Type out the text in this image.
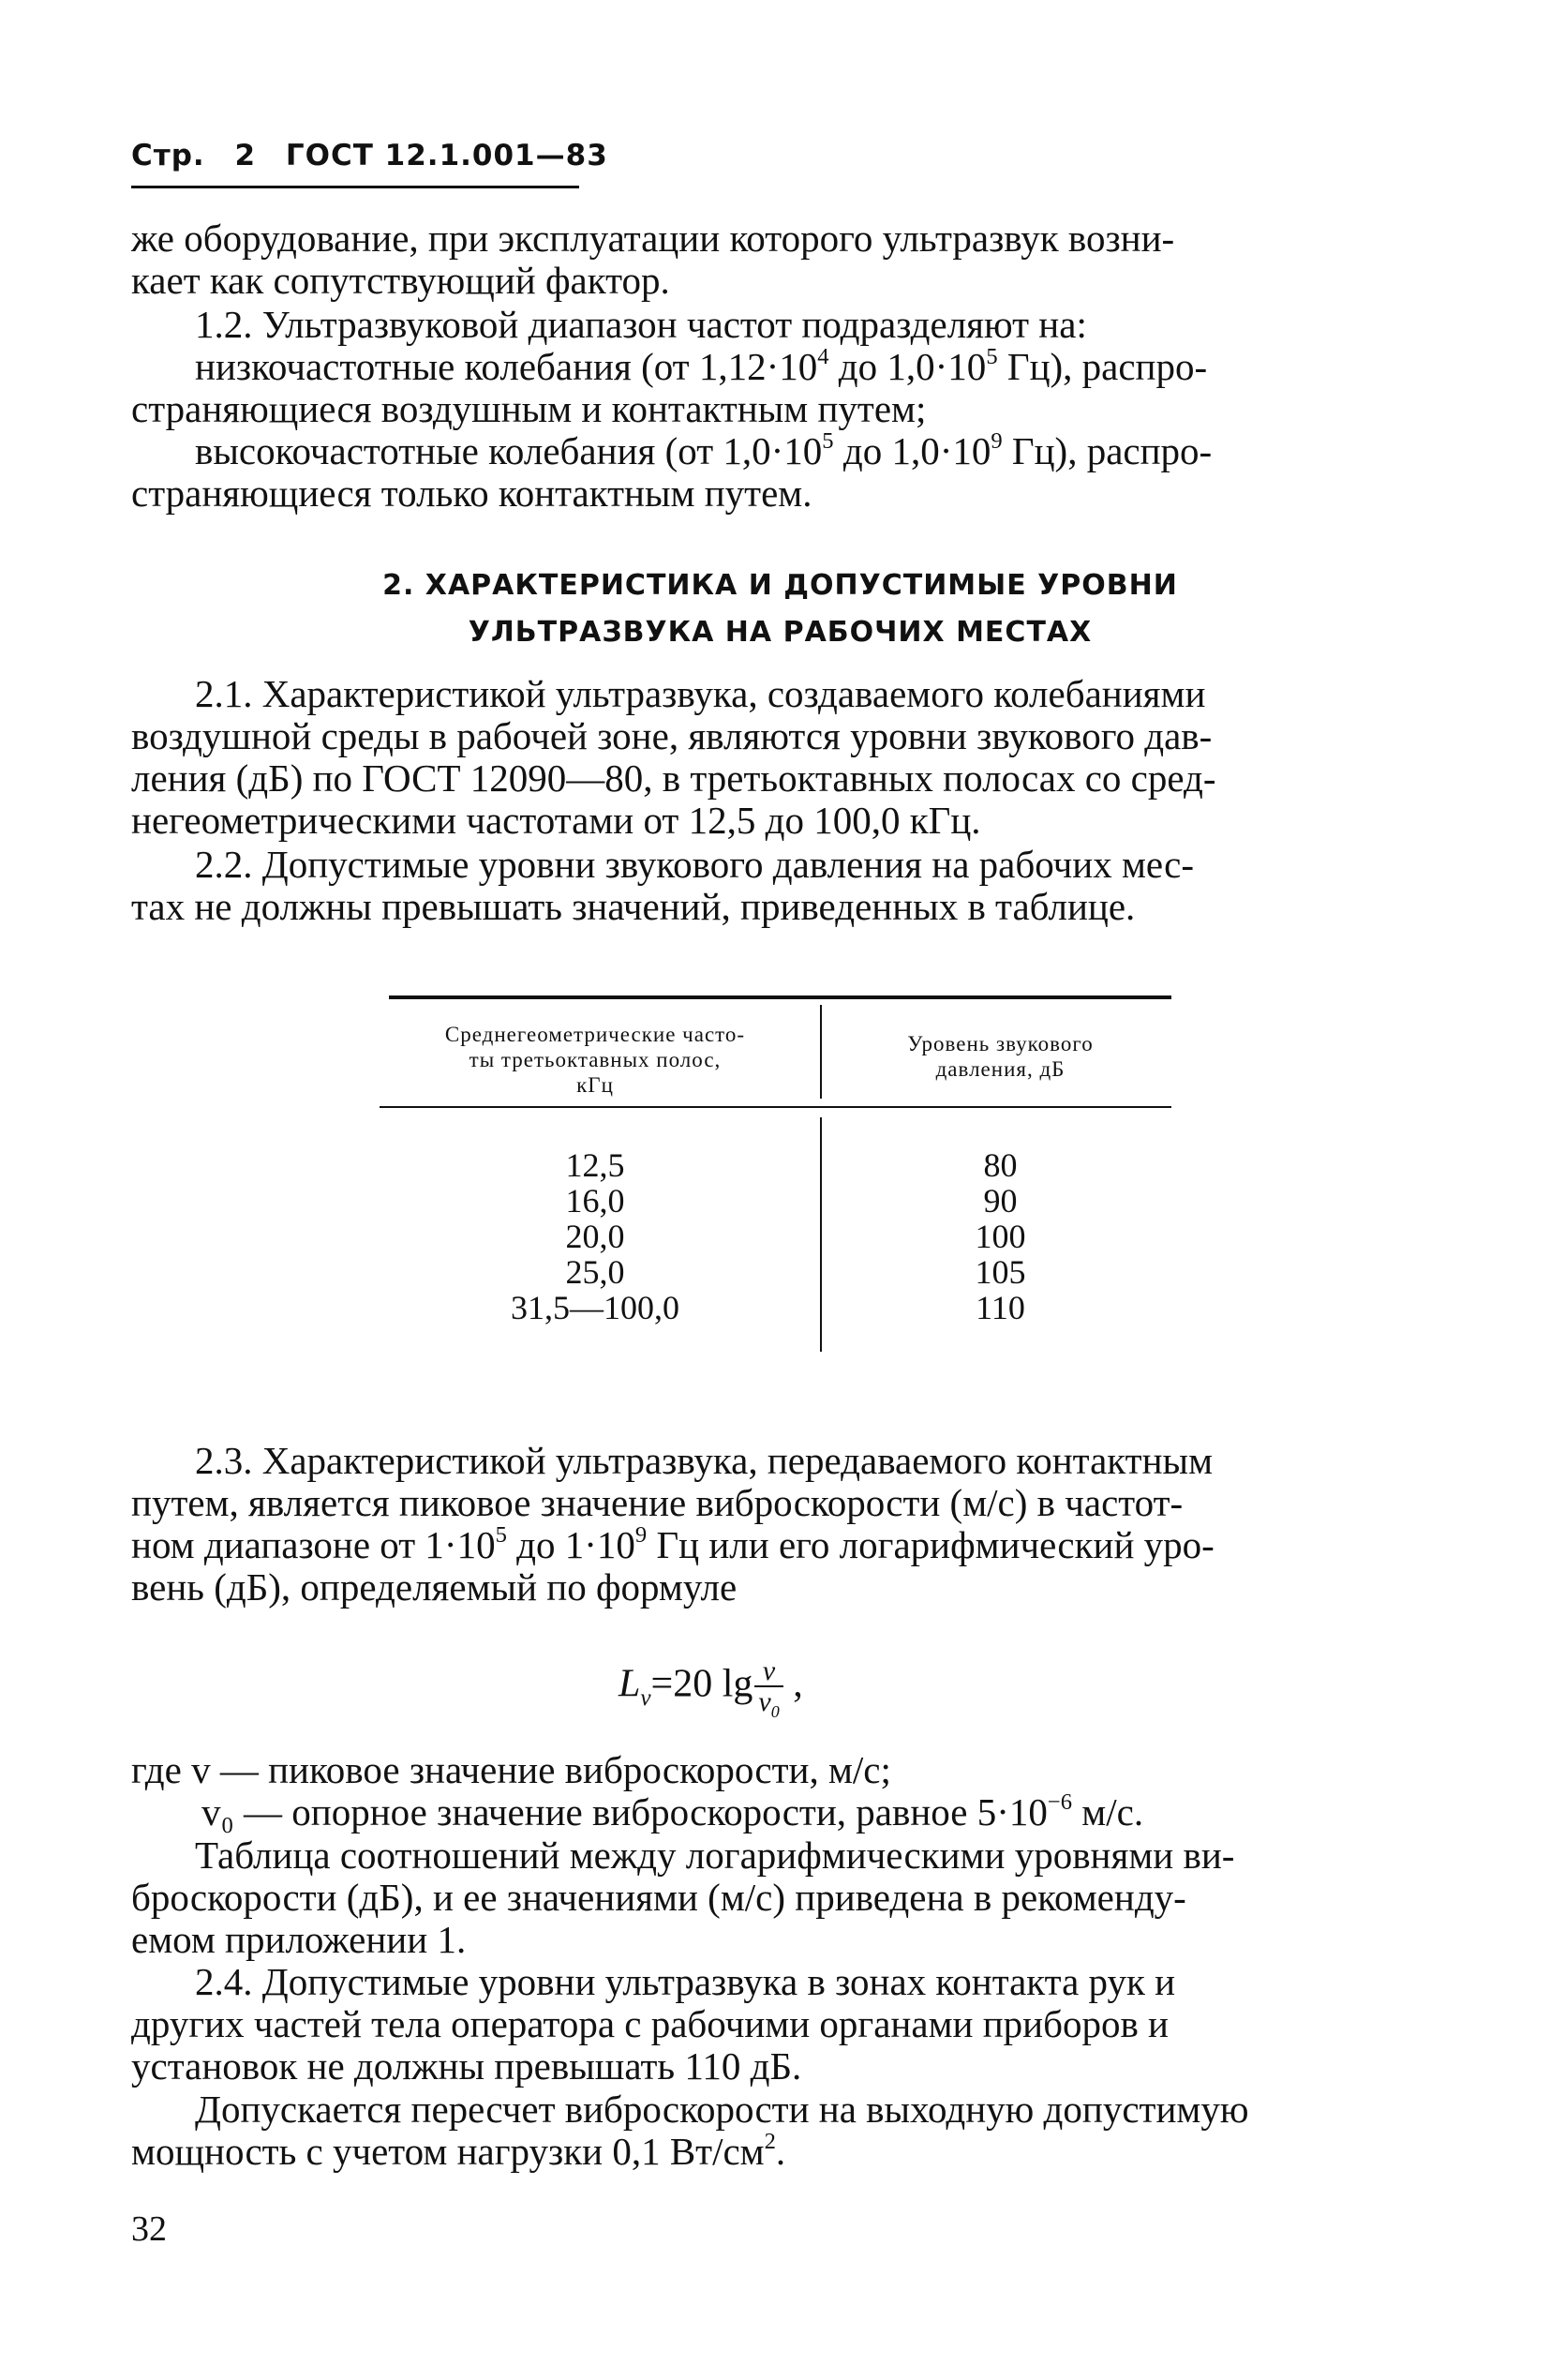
Стр. 2 ГОСТ 12.1.001—83
же оборудование, при эксплуатации которого ультразвук возни-
кает как сопутствующий фактор.
1.2. Ультразвуковой диапазон частот подразделяют на:
низкочастотные колебания (от $1,12\cdot 10^4$ до $1,0\cdot 10^5$ Гц), распро-
страняющиеся воздушным и контактным путем;
высокочастотные колебания (от $1,0\cdot 10^5$ до $1,0\cdot 10^9$ Гц), распро-
страняющиеся только контактным путем.
2. ХАРАКТЕРИСТИКА И ДОПУСТИМЫЕ УРОВНИ
УЛЬТРАЗВУКА НА РАБОЧИХ МЕСТАХ
2.1. Характеристикой ультразвука, создаваемого колебаниями
воздушной среды в рабочей зоне, являются уровни звукового дав-
ления (дБ) по ГОСТ 12090—80, в третьоктавных полосах со сред-
негеометрическими частотами от 12,5 до 100,0 кГц.
2.2. Допустимые уровни звукового давления на рабочих мес-
тах не должны превышать значений, приведенных в таблице.
Среднегеометрические часто-
ты третьоктавных полос,
кГц
Уровень звукового
давления, дБ
12,5
16,0
20,0
25,0
31,5—100,0
80
90
100
105
110
2.3. Характеристикой ультразвука, передаваемого контактным
путем, является пиковое значение виброскорости (м/с) в частот-
ном диапазоне от $1\cdot 10^5$ до $1\cdot 10^9$ Гц или его логарифмический уро-
вень (дБ), определяемый по формуле
$L_v=20$ $\lg \frac{v}{v_0}$ ,
где v — пиковое значение виброскорости, м/с;
v₀ — опорное значение виброскорости, равное $5\cdot 10^{-6}$ м/с.
Таблица соотношений между логарифмическими уровнями ви-
броскорости (дБ), и ее значениями (м/с) приведена в рекоменду-
емом приложении 1.
2.4. Допустимые уровни ультразвука в зонах контакта рук и
других частей тела оператора с рабочими органами приборов и
установок не должны превышать 110 дБ.
Допускается пересчет виброскорости на выходную допустимую
мощность с учетом нагрузки 0,1 $Вт/см^2$.
32
